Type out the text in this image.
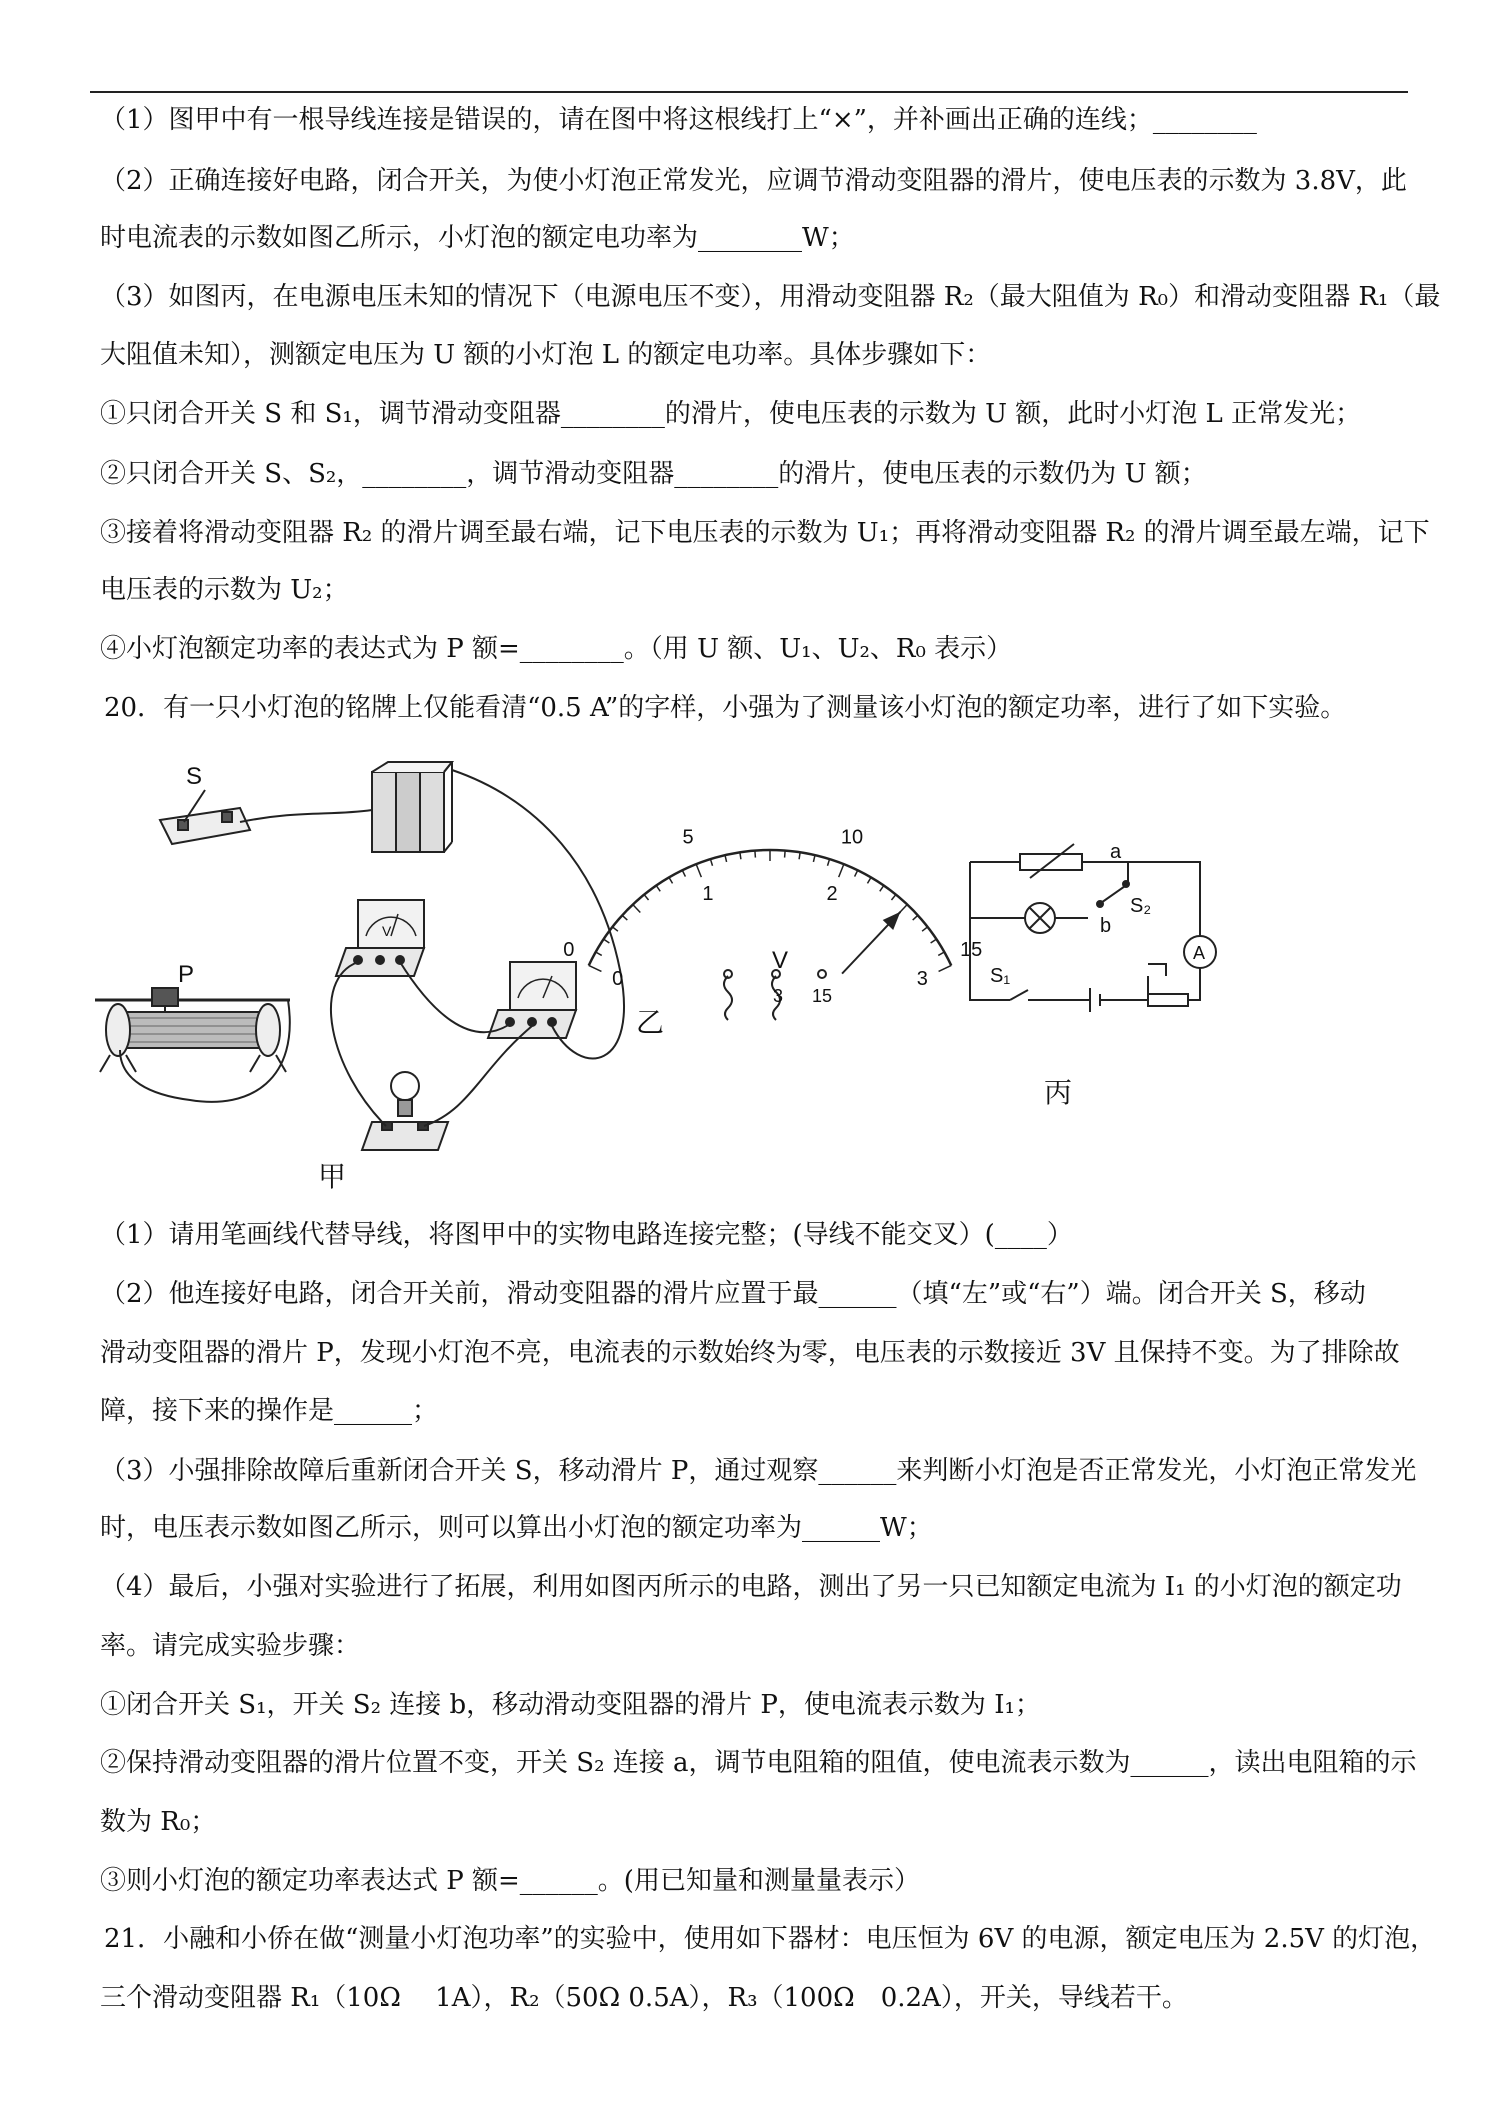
（1）图甲中有一根导线连接是错误的，请在图中将这根线打上“×”，并补画出正确的连线；________
（2）正确连接好电路，闭合开关，为使小灯泡正常发光，应调节滑动变阻器的滑片，使电压表的示数为 3.8V，此
时电流表的示数如图乙所示，小灯泡的额定电功率为________W；
（3）如图丙，在电源电压未知的情况下（电源电压不变），用滑动变阻器 R₂（最大阻值为 R₀）和滑动变阻器 R₁（最
大阻值未知），测额定电压为 U 额的小灯泡 L 的额定电功率。具体步骤如下：
①只闭合开关 S 和 S₁，调节滑动变阻器________的滑片，使电压表的示数为 U 额，此时小灯泡 L 正常发光；
②只闭合开关 S、S₂，________，调节滑动变阻器________的滑片，使电压表的示数仍为 U 额；
③接着将滑动变阻器 R₂ 的滑片调至最右端，记下电压表的示数为 U₁；再将滑动变阻器 R₂ 的滑片调至最左端，记下
电压表的示数为 U₂；
④小灯泡额定功率的表达式为 P 额=________。（用 U 额、U₁、U₂、R₀ 表示）
20．有一只小灯泡的铭牌上仅能看清“0.5 A”的字样，小强为了测量该小灯泡的额定功率，进行了如下实验。
S
P
V
甲
0
5	10
15
0
1	2
3
V
3 15
乙
a
b
S₂
S₁
A
丙
（1）请用笔画线代替导线，将图甲中的实物电路连接完整；(导线不能交叉）(____）
（2）他连接好电路，闭合开关前，滑动变阻器的滑片应置于最______（填“左”或“右”）端。闭合开关 S，移动
滑动变阻器的滑片 P，发现小灯泡不亮，电流表的示数始终为零，电压表的示数接近 3V 且保持不变。为了排除故
障，接下来的操作是______；
（3）小强排除故障后重新闭合开关 S，移动滑片 P，通过观察______来判断小灯泡是否正常发光，小灯泡正常发光
时，电压表示数如图乙所示，则可以算出小灯泡的额定功率为______W；
（4）最后，小强对实验进行了拓展，利用如图丙所示的电路，测出了另一只已知额定电流为 I₁ 的小灯泡的额定功
率。请完成实验步骤：
①闭合开关 S₁，开关 S₂ 连接 b，移动滑动变阻器的滑片 P，使电流表示数为 I₁；
②保持滑动变阻器的滑片位置不变，开关 S₂ 连接 a，调节电阻箱的阻值，使电流表示数为______，读出电阻箱的示
数为 R₀；
③则小灯泡的额定功率表达式 P 额=______。(用已知量和测量量表示）
21．小融和小侨在做“测量小灯泡功率”的实验中，使用如下器材：电压恒为 6V 的电源，额定电压为 2.5V 的灯泡，
三个滑动变阻器 R₁（10Ω　 1A），R₂（50Ω 0.5A），R₃（100Ω　0.2A），开关，导线若干。
